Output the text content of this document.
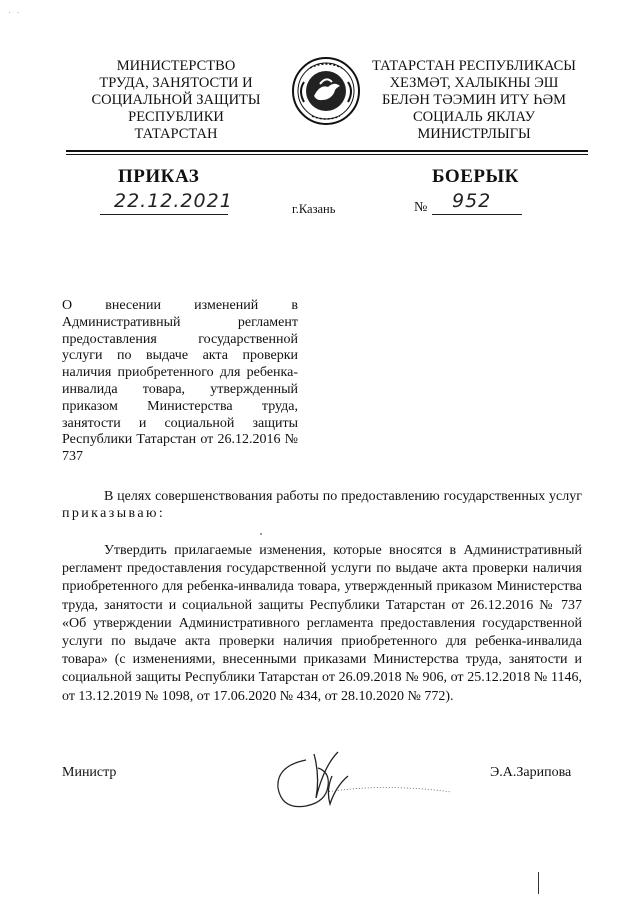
· ·
МИНИСТЕРСТВО
ТРУДА, ЗАНЯТОСТИ И
СОЦИАЛЬНОЙ ЗАЩИТЫ
РЕСПУБЛИКИ
ТАТАРСТАН
ТАТАРСТАН РЕСПУБЛИКАСЫ
ХЕЗМӘТ, ХАЛЫКНЫ ЭШ
БЕЛӘН ТӘЭМИН ИТҮ ҺӘМ
СОЦИАЛЬ ЯКЛАУ
МИНИСТРЛЫГЫ
ПРИКАЗ	БОЕРЫК
22.12.2021	г.Казань	№ 952
О внесении изменений в Административный регламент предоставления государственной услуги по выдаче акта проверки наличия приобретенного для ребенка-инвалида товара, утвержденный приказом Министерства труда, занятости и социальной защиты Республики Татарстан от 26.12.2016 № 737
В целях совершенствования работы по предоставлению государственных услуг приказываю:
Утвердить прилагаемые изменения, которые вносятся в Административный регламент предоставления государственной услуги по выдаче акта проверки наличия приобретенного для ребенка-инвалида товара, утвержденный приказом Министерства труда, занятости и социальной защиты Республики Татарстан от 26.12.2016 № 737 «Об утверждении Административного регламента предоставления государственной услуги по выдаче акта проверки наличия приобретенного для ребенка-инвалида товара» (с изменениями, внесенными приказами Министерства труда, занятости и социальной защиты Республики Татарстан от 26.09.2018 № 906, от 25.12.2018 № 1146, от 13.12.2019 № 1098, от 17.06.2020 № 434, от 28.10.2020 № 772).
Министр	Э.А.Зарипова
